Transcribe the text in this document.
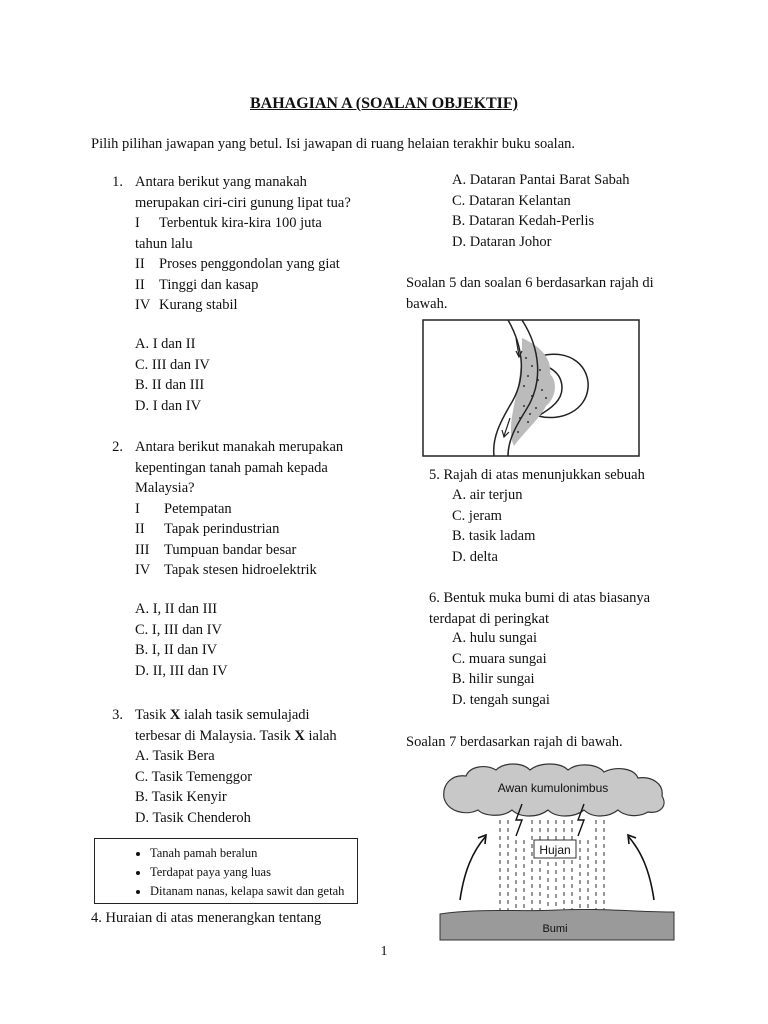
BAHAGIAN A (SOALAN OBJEKTIF)
Pilih pilihan jawapan yang betul. Isi jawapan di ruang helaian terakhir buku soalan.
1. Antara berikut yang manakah
merupakan ciri-ciri gunung lipat tua?
I Terbentuk kira-kira 100 juta
tahun lalu
II Proses penggondolan yang giat
II Tinggi dan kasap
IV Kurang stabil
A. I dan II
C. III dan IV
B. II dan III
D. I dan IV
2. Antara berikut manakah merupakan
kepentingan tanah pamah kepada
Malaysia?
I Petempatan
II Tapak perindustrian
III Tumpuan bandar besar
IV Tapak stesen hidroelektrik
A. I, II dan III
C. I, III dan IV
B. I, II dan IV
D. II, III dan IV
3. Tasik X ialah tasik semulajadi
terbesar di Malaysia. Tasik X ialah
A. Tasik Bera
C. Tasik Temenggor
B. Tasik Kenyir
D. Tasik Chenderoh
• Tanah pamah beralun
• Terdapat paya yang luas
• Ditanam nanas, kelapa sawit dan getah
4. Huraian di atas menerangkan tentang
A. Dataran Pantai Barat Sabah
C. Dataran Kelantan
B. Dataran Kedah-Perlis
D. Dataran Johor
Soalan 5 dan soalan 6 berdasarkan rajah di
bawah.
5. Rajah di atas menunjukkan sebuah
A. air terjun
C. jeram
B. tasik ladam
D. delta
6. Bentuk muka bumi di atas biasanya
terdapat di peringkat
A. hulu sungai
C. muara sungai
B. hilir sungai
D. tengah sungai
Soalan 7 berdasarkan rajah di bawah.
Awan kumulonimbus
Hujan
Bumi
1
